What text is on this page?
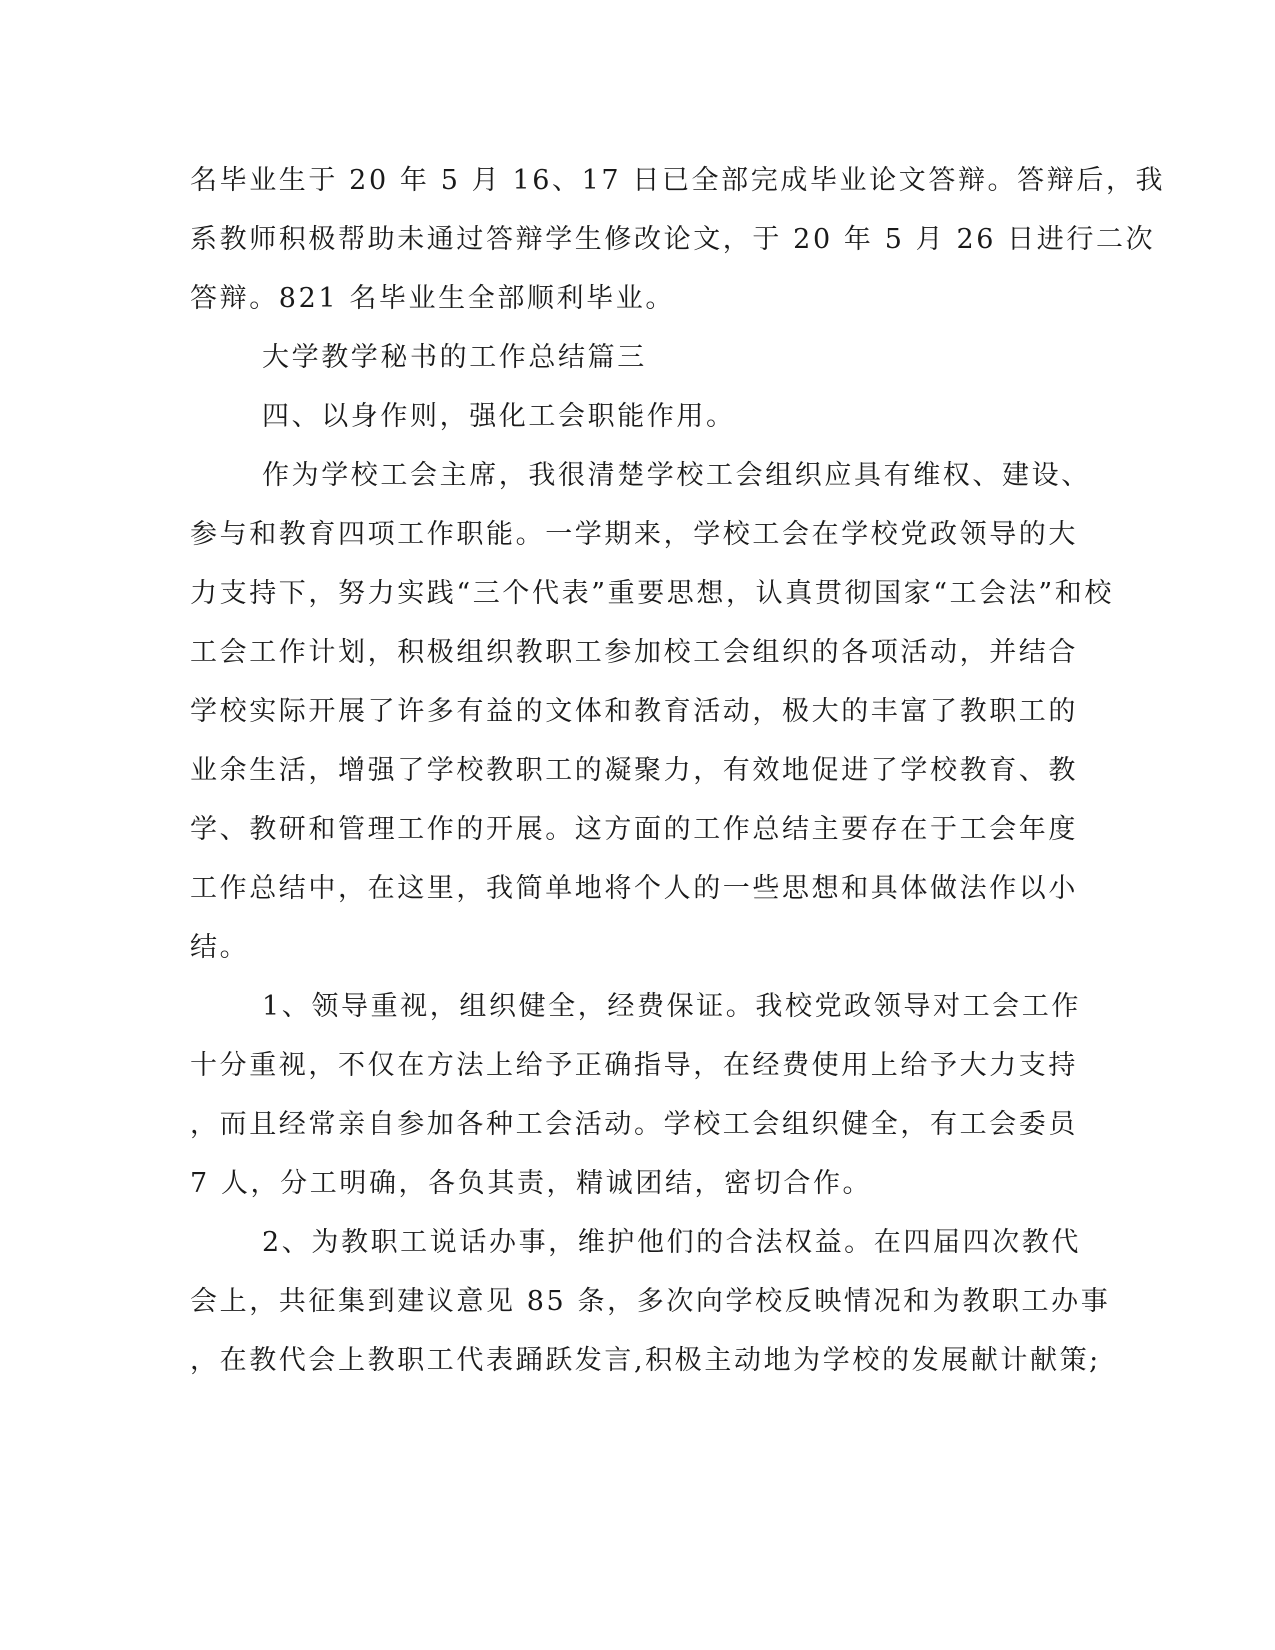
名毕业生于 20 年 5 月 16、17 日已全部完成毕业论文答辩。答辩后，我
系教师积极帮助未通过答辩学生修改论文，于 20 年 5 月 26 日进行二次
答辩。821 名毕业生全部顺利毕业。
大学教学秘书的工作总结篇三
四、以身作则，强化工会职能作用。
作为学校工会主席，我很清楚学校工会组织应具有维权、建设、
参与和教育四项工作职能。一学期来，学校工会在学校党政领导的大
力支持下，努力实践“三个代表”重要思想，认真贯彻国家“工会法”和校
工会工作计划，积极组织教职工参加校工会组织的各项活动，并结合
学校实际开展了许多有益的文体和教育活动，极大的丰富了教职工的
业余生活，增强了学校教职工的凝聚力，有效地促进了学校教育、教
学、教研和管理工作的开展。这方面的工作总结主要存在于工会年度
工作总结中，在这里，我简单地将个人的一些思想和具体做法作以小
结。
1、领导重视，组织健全，经费保证。我校党政领导对工会工作
十分重视，不仅在方法上给予正确指导，在经费使用上给予大力支持
，而且经常亲自参加各种工会活动。学校工会组织健全，有工会委员
7 人，分工明确，各负其责，精诚团结，密切合作。
2、为教职工说话办事，维护他们的合法权益。在四届四次教代
会上，共征集到建议意见 85 条，多次向学校反映情况和为教职工办事
，在教代会上教职工代表踊跃发言,积极主动地为学校的发展献计献策;
